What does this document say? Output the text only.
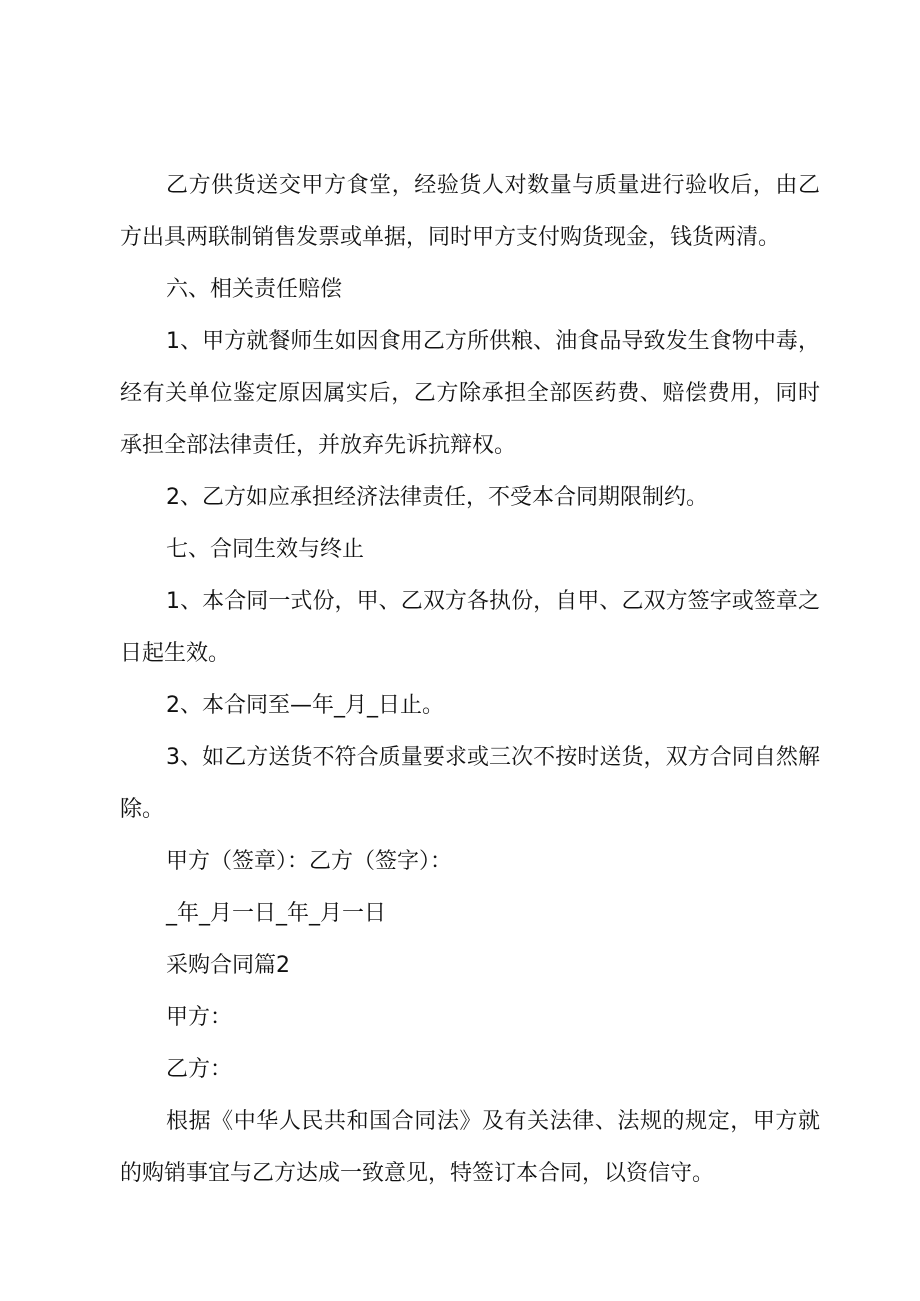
乙方供货送交甲方食堂，经验货人对数量与质量进行验收后，由乙方出具两联制销售发票或单据，同时甲方支付购货现金，钱货两清。

六、相关责任赔偿

1、甲方就餐师生如因食用乙方所供粮、油食品导致发生食物中毒，经有关单位鉴定原因属实后，乙方除承担全部医药费、赔偿费用，同时承担全部法律责任，并放弃先诉抗辩权。

2、乙方如应承担经济法律责任，不受本合同期限制约。

七、合同生效与终止

1、本合同一式份，甲、乙双方各执份，自甲、乙双方签字或签章之日起生效。

2、本合同至—年_月_日止。

3、如乙方送货不符合质量要求或三次不按时送货，双方合同自然解除。

甲方（签章）：乙方（签字）：

_年_月一日_年_月一日

采购合同篇2

甲方：

乙方：

根据《中华人民共和国合同法》及有关法律、法规的规定，甲方就的购销事宜与乙方达成一致意见，特签订本合同，以资信守。
